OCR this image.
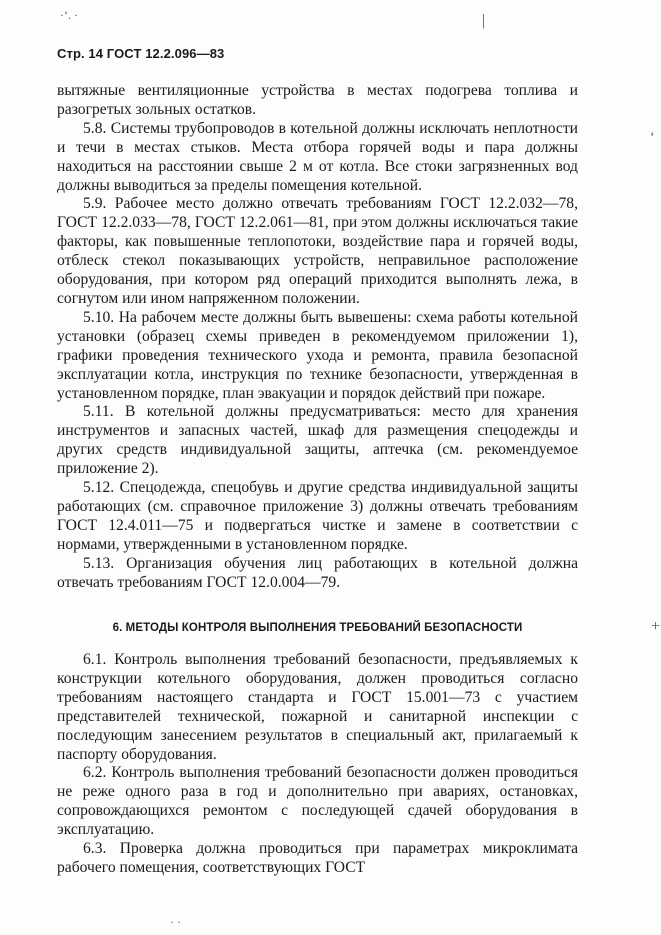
·ʻ. ·	|
ʻ
+
· ·
Стр. 14 ГОСТ 12.2.096—83

вытяжные вентиляционные устройства в местах подогрева топлива и разогретых зольных остатков.

5.8. Системы трубопроводов в котельной должны исключать неплотности и течи в местах стыков. Места отбора горячей воды и пара должны находиться на расстоянии свыше 2 м от котла. Все стоки загрязненных вод должны выводиться за пределы помещения котельной.

5.9. Рабочее место должно отвечать требованиям ГОСТ 12.2.032—78, ГОСТ 12.2.033—78, ГОСТ 12.2.061—81, при этом должны исключаться такие факторы, как повышенные теплопотоки, воздействие пара и горячей воды, отблеск стекол показывающих устройств, неправильное расположение оборудования, при котором ряд операций приходится выполнять лежа, в согнутом или ином напряженном положении.

5.10. На рабочем месте должны быть вывешены: схема работы котельной установки (образец схемы приведен в рекомендуемом приложении 1), графики проведения технического ухода и ремонта, правила безопасной эксплуатации котла, инструкция по технике безопасности, утвержденная в установленном порядке, план эвакуации и порядок действий при пожаре.

5.11. В котельной должны предусматриваться: место для хранения инструментов и запасных частей, шкаф для размещения спецодежды и других средств индивидуальной защиты, аптечка (см. рекомендуемое приложение 2).

5.12. Спецодежда, спецобувь и другие средства индивидуальной защиты работающих (см. справочное приложение 3) должны отвечать требованиям ГОСТ 12.4.011—75 и подвергаться чистке и замене в соответствии с нормами, утвержденными в установленном порядке.

5.13. Организация обучения лиц работающих в котельной должна отвечать требованиям ГОСТ 12.0.004—79.

6. МЕТОДЫ КОНТРОЛЯ ВЫПОЛНЕНИЯ ТРЕБОВАНИЙ БЕЗОПАСНОСТИ

6.1. Контроль выполнения требований безопасности, предъявляемых к конструкции котельного оборудования, должен проводиться согласно требованиям настоящего стандарта и ГОСТ 15.001—73 с участием представителей технической, пожарной и санитарной инспекции с последующим занесением результатов в специальный акт, прилагаемый к паспорту оборудования.

6.2. Контроль выполнения требований безопасности должен проводиться не реже одного раза в год и дополнительно при авариях, остановках, сопровождающихся ремонтом с последующей сдачей оборудования в эксплуатацию.

6.3. Проверка должна проводиться при параметрах микроклимата рабочего помещения, соответствующих ГОСТ
